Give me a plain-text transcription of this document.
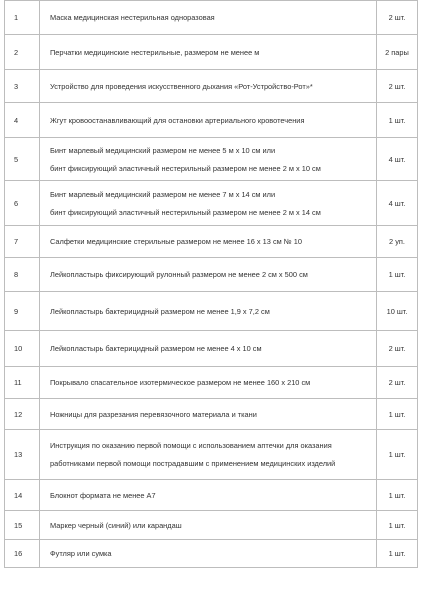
1	Маска медицинская нестерильная одноразовая	2 шт.
2	Перчатки медицинские нестерильные, размером не менее м	2 пары
3	Устройство для проведения искусственного дыхания «Рот-Устройство-Рот»*	2 шт.
4	Жгут кровоостанавливающий для остановки артериального кровотечения	1 шт.
5	Бинт марлевый медицинский размером не менее 5 м х 10 см или
бинт фиксирующий эластичный нестерильный размером не менее 2 м х 10 см	4 шт.
6	Бинт марлевый медицинский размером не менее 7 м х 14 см или
бинт фиксирующий эластичный нестерильный размером не менее 2 м х 14 см	4 шт.
7	Салфетки медицинские стерильные размером не менее 16 х 13 см № 10	2 уп.
8	Лейкопластырь фиксирующий рулонный размером не менее 2 см х 500 см	1 шт.
9	Лейкопластырь бактерицидный размером не менее 1,9 х 7,2 см	10 шт.
10	Лейкопластырь бактерицидный размером не менее 4 х 10 см	2 шт.
11	Покрывало спасательное изотермическое размером не менее 160 х 210 см	2 шт.
12	Ножницы для разрезания перевязочного материала и ткани	1 шт.
13	Инструкция по оказанию первой помощи с использованием аптечки для оказания
работниками первой помощи пострадавшим с применением медицинских изделий	1 шт.
14	Блокнот формата не менее А7	1 шт.
15	Маркер черный (синий) или карандаш	1 шт.
16	Футляр или сумка	1 шт.
